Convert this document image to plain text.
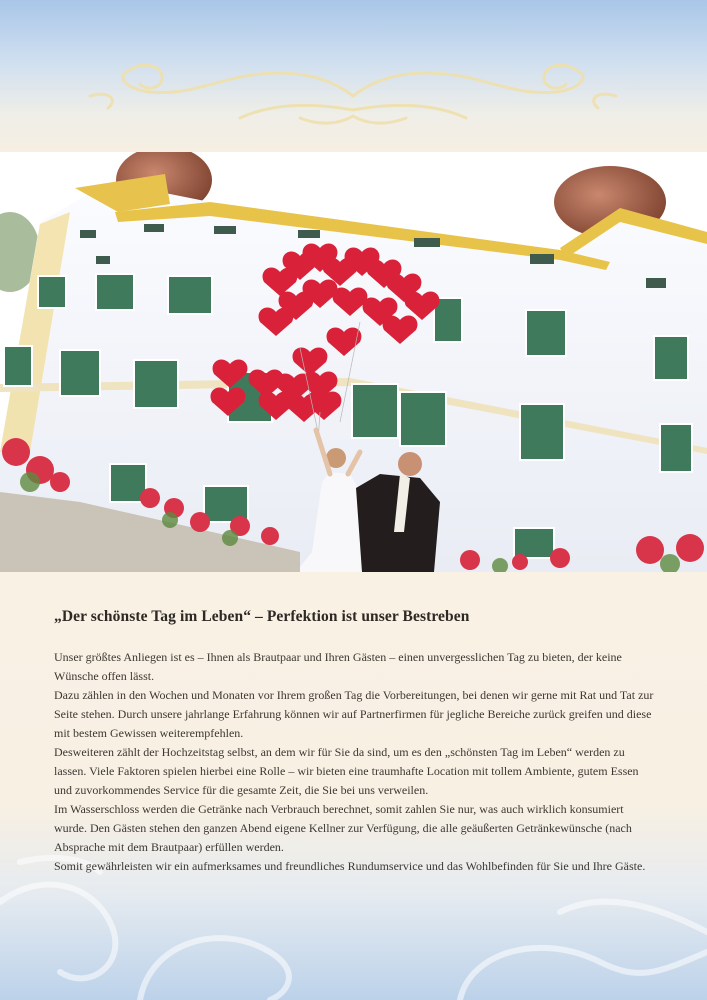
„Der schönste Tag im Leben“ – Perfektion ist unser Bestreben

Unser größtes Anliegen ist es – Ihnen als Brautpaar und Ihren Gästen – einen unvergesslichen Tag zu bieten, der keine Wünsche offen lässt.

Dazu zählen in den Wochen und Monaten vor Ihrem großen Tag die Vorbereitungen, bei denen wir gerne mit Rat und Tat zur Seite stehen. Durch unsere jahrlange Erfahrung können wir auf Partnerfirmen für jegliche Bereiche zurück greifen und diese mit bestem Gewissen weiterempfehlen.

Desweiteren zählt der Hochzeitstag selbst, an dem wir für Sie da sind, um es den „schönsten Tag im Leben“ werden zu lassen. Viele Faktoren spielen hierbei eine Rolle – wir bieten eine traumhafte Location mit tollem Ambiente, gutem Essen und zuvorkommendes Service für die gesamte Zeit, die Sie bei uns verweilen.

Im Wasserschloss werden die Getränke nach Verbrauch berechnet, somit zahlen Sie nur, was auch wirklich konsumiert wurde. Den Gästen stehen den ganzen Abend eigene Kellner zur Verfügung, die alle geäußerten Getränkewünsche (nach Absprache mit dem Brautpaar) erfüllen werden.

Somit gewährleisten wir ein aufmerksames und freundliches Rundumservice und das Wohlbefinden für Sie und Ihre Gäste.
